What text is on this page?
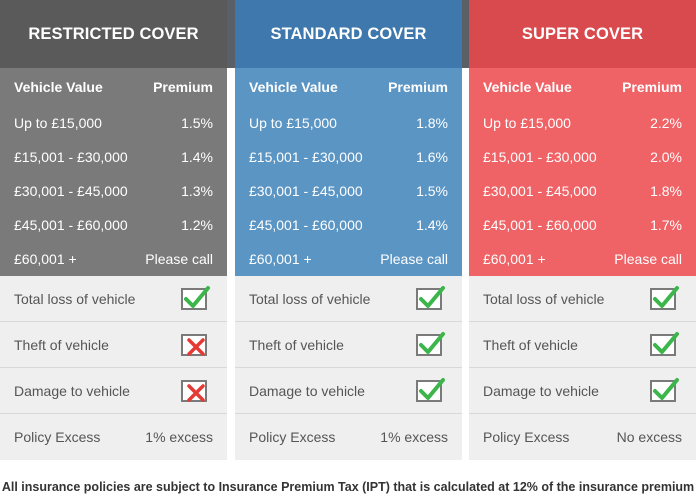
RESTRICTED COVER
Vehicle Value	Premium
Up to £15,000	1.5%
£15,001 - £30,000	1.4%
£30,001 - £45,000	1.3%
£45,001 - £60,000	1.2%
£60,001 +	Please call
Total loss of vehicle
Theft of vehicle
Damage to vehicle
Policy Excess	1% excess
STANDARD COVER
Vehicle Value	Premium
Up to £15,000	1.8%
£15,001 - £30,000	1.6%
£30,001 - £45,000	1.5%
£45,001 - £60,000	1.4%
£60,001 +	Please call
Total loss of vehicle
Theft of vehicle
Damage to vehicle
Policy Excess	1% excess
SUPER COVER
Vehicle Value	Premium
Up to £15,000	2.2%
£15,001 - £30,000	2.0%
£30,001 - £45,000	1.8%
£45,001 - £60,000	1.7%
£60,001 +	Please call
Total loss of vehicle
Theft of vehicle
Damage to vehicle
Policy Excess	No excess
All insurance policies are subject to Insurance Premium Tax (IPT) that is calculated at 12% of the insurance premium
